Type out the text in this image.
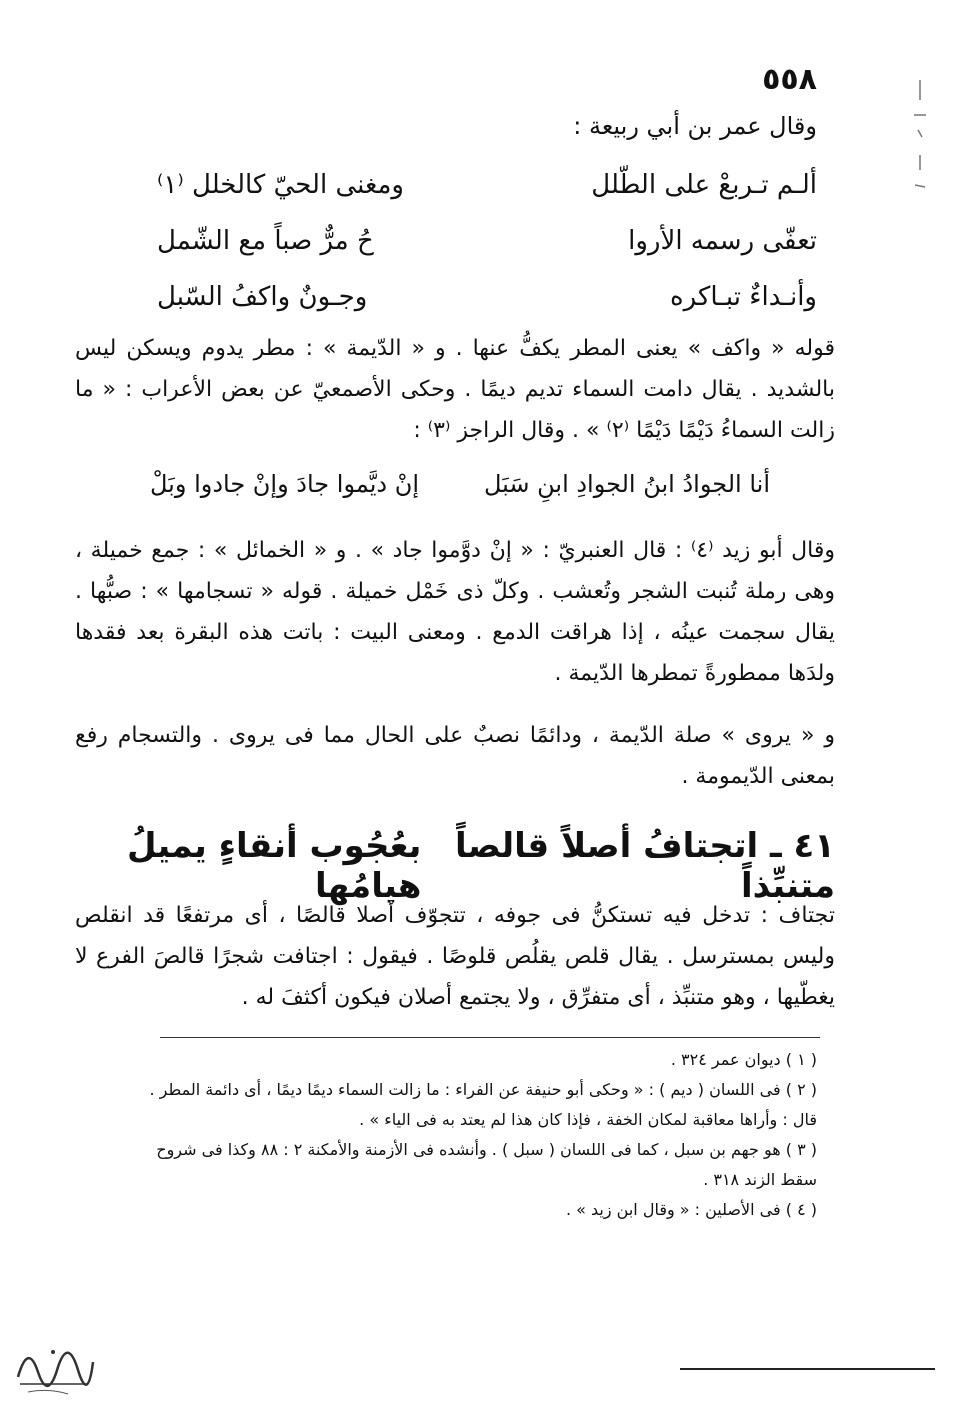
٥٥٨
وقال عمر بن أبي ربيعة :
ألـم تـربعْ على الطّلل
ومغنى الحيّ كالخلل ⁽١⁾
تعفّى رسمه الأروا
حُ مرٌّ صباً مع الشّمل
وأنـداءٌ تبـاكره
وجـونٌ واكفُ السّبل
قوله « واكف » يعنى المطر يكفُّ عنها . و « الدّيمة » : مطر يدوم ويسكن ليس بالشديد . يقال دامت السماء تديم ديمًا . وحكى الأصمعيّ عن بعض الأعراب : « ما زالت السماءُ دَيْمًا دَيْمًا ⁽٢⁾ » . وقال الراجز ⁽٣⁾ :
أنا الجوادُ ابنُ الجوادِ ابنِ سَبَل
إنْ ديَّموا جادَ وإنْ جادوا وبَلْ
وقال أبو زيد ⁽٤⁾ : قال العنبريّ : « إنْ دوَّموا جاد » . و « الخمائل » : جمع خميلة ، وهى رملة تُنبت الشجر وتُعشب . وكلّ ذى خَمْل خميلة . قوله « تسجامها » : صبُّها . يقال سجمت عينُه ، إذا هراقت الدمع . ومعنى البيت : باتت هذه البقرة بعد فقدها ولدَها ممطورةً تمطرها الدّيمة .
و « يروى » صلة الدّيمة ، ودائمًا نصبٌ على الحال مما فى يروى . والتسجام رفع بمعنى الدّيمومة .
٤١ ـ اتجتافُ أصلاً قالصاً متنبِّذاً
بعُجُوب أنقاءٍ يميلُ هيامُها
تجتاف : تدخل فيه تستكنُّ فى جوفه ، تتجوّف أصلا قالصًا ، أى مرتفعًا قد انقلص وليس بمسترسل . يقال قلص يقلُص قلوصًا . فيقول : اجتافت شجرًا قالصَ الفرع لا يغطّيها ، وهو متنبِّذ ، أى متفرِّق ، ولا يجتمع أصلان فيكون أكثفَ له .
( ١ ) ديوان عمر ٣٢٤ .
( ٢ ) فى اللسان ( ديم ) : « وحكى أبو حنيفة عن الفراء : ما زالت السماء ديمًا ديمًا ، أى دائمة المطر .
قال : وأراها معاقبة لمكان الخفة ، فإذا كان هذا لم يعتد به فى الياء » .
( ٣ ) هو جهم بن سبل ، كما فى اللسان ( سبل ) . وأنشده فى الأزمنة والأمكنة ٢ : ٨٨ وكذا فى شروح
سقط الزند ٣١٨ .
( ٤ ) فى الأصلين : « وقال ابن زيد » .
